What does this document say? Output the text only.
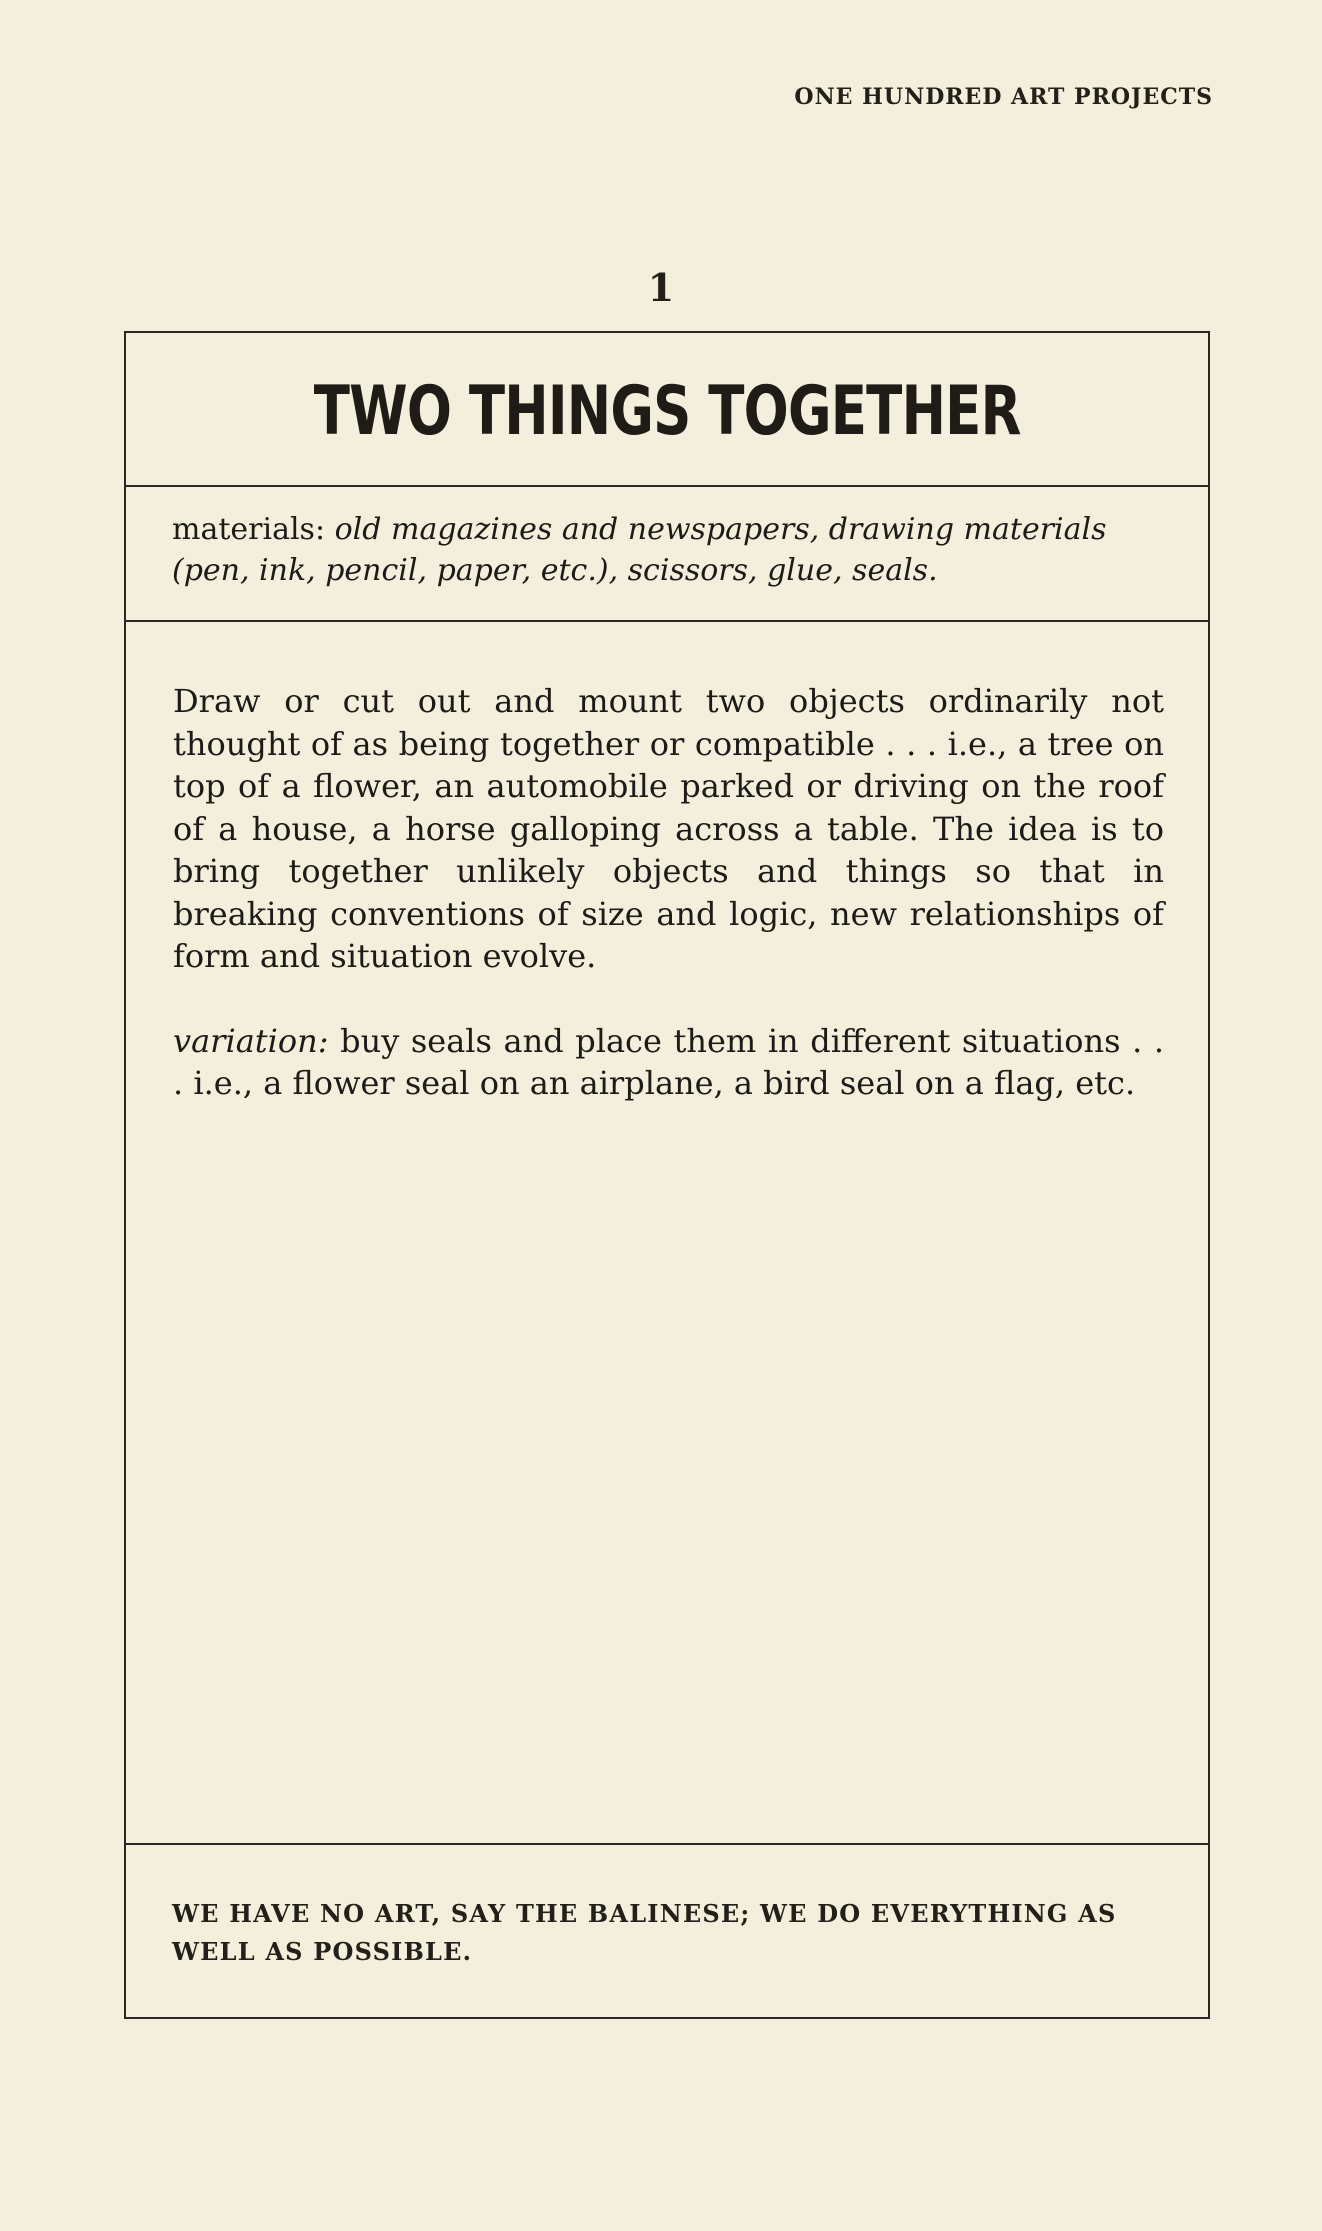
ONE HUNDRED ART PROJECTS
1
TWO THINGS TOGETHER
materials: old magazines and newspapers, drawing materials (pen, ink, pencil, paper, etc.), scissors, glue, seals.

Draw or cut out and mount two objects ordinarily not thought of as being together or compatible . . . i.e., a tree on top of a flower, an automobile parked or driving on the roof of a house, a horse galloping across a table. The idea is to bring together unlikely objects and things so that in breaking conventions of size and logic, new relationships of form and situation evolve.

variation: buy seals and place them in different situations . . . i.e., a flower seal on an airplane, a bird seal on a flag, etc.

WE HAVE NO ART, SAY THE BALINESE; WE DO EVERYTHING AS WELL AS POSSIBLE.
